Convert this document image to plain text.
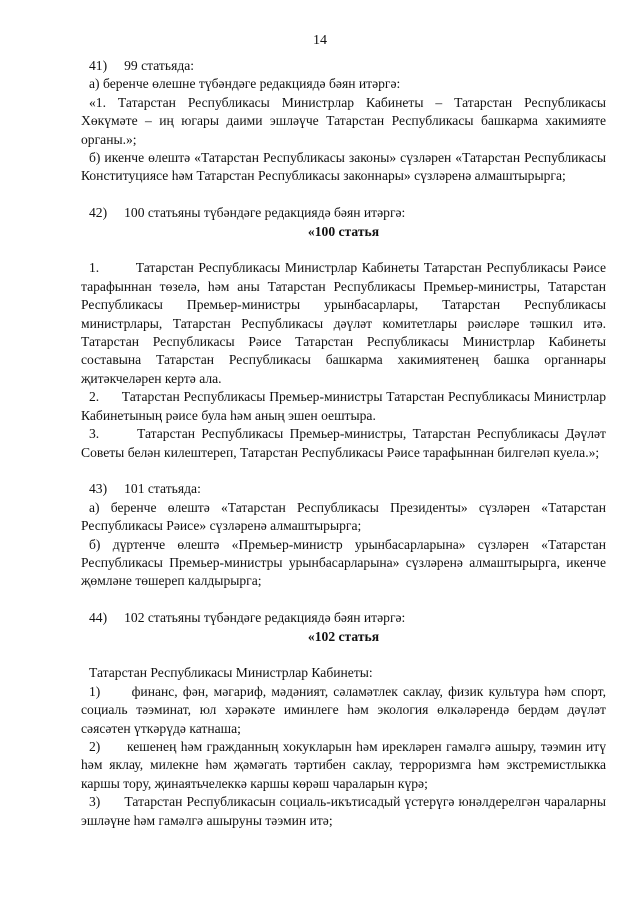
14

41)     99 статьяда:

а) беренче өлешне түбәндәге редакциядә бәян итәргә:

«1. Татарстан Республикасы Министрлар Кабинеты – Татарстан Республикасы Хөкүмәте – иң югары даими эшләүче Татарстан Республикасы башкарма хакимияте органы.»;

б) икенче өлештә «Татарстан Республикасы законы» сүзләрен «Татарстан Республикасы Конституциясе һәм Татарстан Республикасы законнары» сүзләренә алмаштырырга;

42)     100 статьяны түбәндәге редакциядә бәян итәргә:

«100 статья

1.        Татарстан Республикасы Министрлар Кабинеты Татарстан Республикасы Рәисе тарафыннан төзелә, һәм аны Татарстан Республикасы Премьер-министры, Татарстан Республикасы Премьер-министры урынбасарлары, Татарстан Республикасы министрлары, Татарстан Республикасы дәүләт комитетлары рәисләре тәшкил итә. Татарстан Республикасы Рәисе Татарстан Республикасы Министрлар Кабинеты составына Татарстан Республикасы башкарма хакимиятенең башка органнары җитәкчеләрен кертә ала.

2.      Татарстан Республикасы Премьер-министры Татарстан Республикасы Министрлар Кабинетының рәисе була һәм аның эшен оештыра.

3.      Татарстан Республикасы Премьер-министры, Татарстан Республикасы Дәүләт Советы белән килештереп, Татарстан Республикасы Рәисе тарафыннан билгеләп куела.»;

43)     101 статьяда:

а) беренче өлештә «Татарстан Республикасы Президенты» сүзләрен «Татарстан Республикасы Рәисе» сүзләренә алмаштырырга;

б) дүртенче өлештә «Премьер-министр урынбасарларына» сүзләрен «Татарстан Республикасы Премьер-министры урынбасарларына» сүзләренә алмаштырырга, икенче җөмләне төшереп калдырырга;

44)     102 статьяны түбәндәге редакциядә бәян итәргә:

«102 статья

Татарстан Республикасы Министрлар Кабинеты:

1)      финанс, фән, мәгариф, мәдәният, сәламәтлек саклау, физик культура һәм спорт, социаль тәэминат, юл хәрәкәте иминлеге һәм экология өлкәләрендә бердәм дәүләт сәясәтен үткәрүдә катнаша;

2)      кешенең һәм гражданның хокукларын һәм ирекләрен гамәлгә ашыру, тәэмин итү һәм яклау, милекне һәм җәмәгать тәртибен саклау, терроризмга һәм экстремистлыкка каршы тору, җинаятьчелеккә каршы көрәш чараларын күрә;

3)      Татарстан Республикасын социаль-икътисадый үстерүгә юнәлдерелгән чараларны эшләүне һәм гамәлгә ашыруны тәэмин итә;
